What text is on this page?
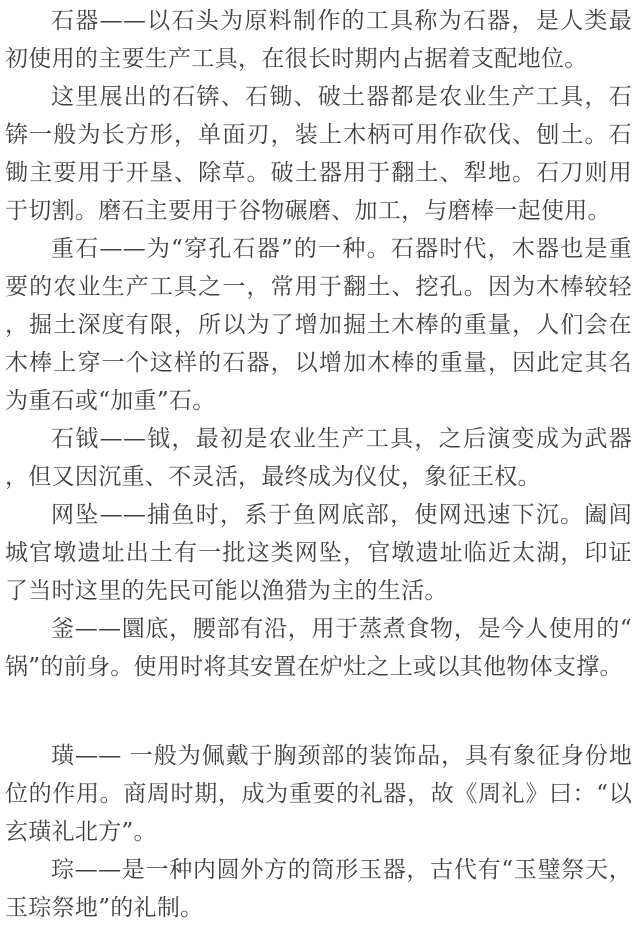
石器——以石头为原料制作的工具称为石器，是人类最初使用的主要生产工具，在很长时期内占据着支配地位。

这里展出的石锛、石锄、破土器都是农业生产工具，石锛一般为长方形，单面刃，装上木柄可用作砍伐、刨土。石锄主要用于开垦、除草。破土器用于翻土、犁地。石刀则用于切割。磨石主要用于谷物碾磨、加工，与磨棒一起使用。

重石——为“穿孔石器”的一种。石器时代，木器也是重要的农业生产工具之一，常用于翻土、挖孔。因为木棒较轻，掘土深度有限，所以为了增加掘土木棒的重量，人们会在木棒上穿一个这样的石器，以增加木棒的重量，因此定其名为重石或“加重”石。

石钺——钺，最初是农业生产工具，之后演变成为武器，但又因沉重、不灵活，最终成为仪仗，象征王权。

网坠——捕鱼时，系于鱼网底部，使网迅速下沉。阖闾城官墩遗址出土有一批这类网坠，官墩遗址临近太湖，印证了当时这里的先民可能以渔猎为主的生活。

釜——圜底，腰部有沿，用于蒸煮食物，是今人使用的“锅”的前身。使用时将其安置在炉灶之上或以其他物体支撑。

璜—— 一般为佩戴于胸颈部的装饰品，具有象征身份地位的作用。商周时期，成为重要的礼器，故《周礼》曰：“以玄璜礼北方”。

琮——是一种内圆外方的筒形玉器，古代有“玉璧祭天，玉琮祭地”的礼制。
